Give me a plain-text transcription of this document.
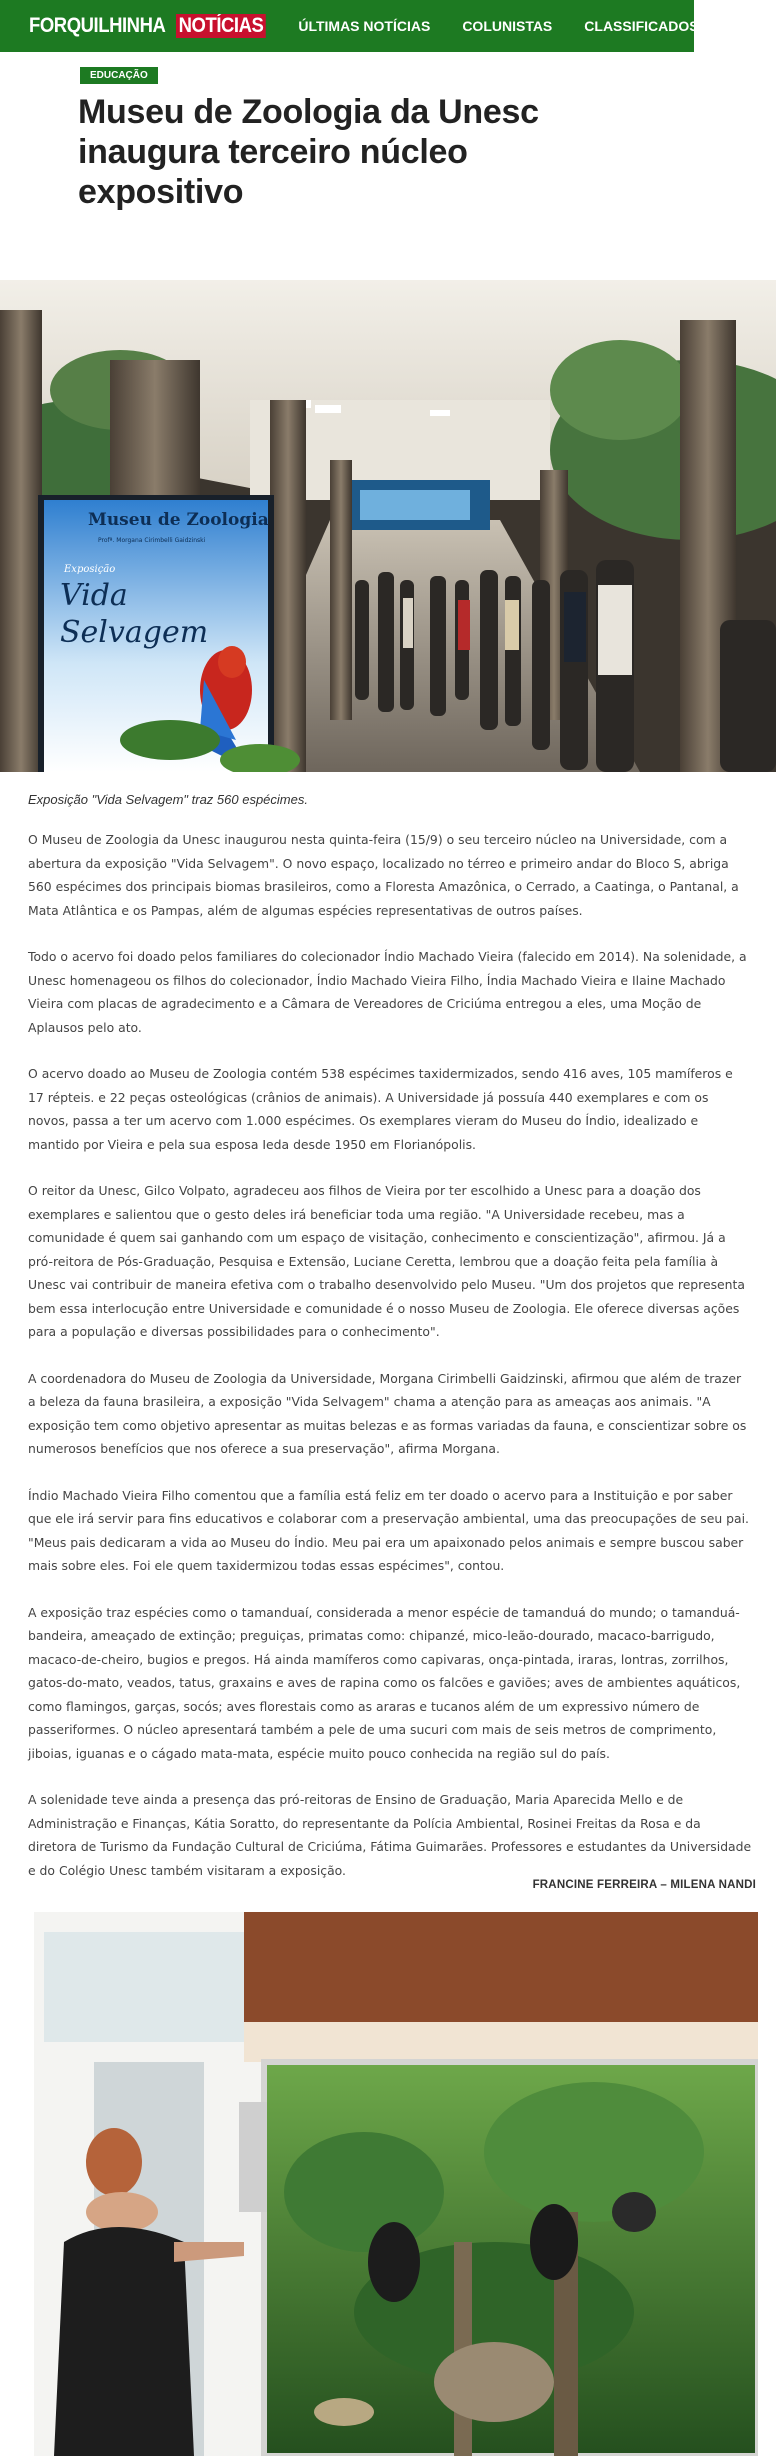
FORQUILHINHA NOTÍCIAS ÚLTIMAS NOTÍCIAS COLUNISTAS CLASSIFICADOS ▼
EDUCAÇÃO
Museu de Zoologia da Unesc inaugura terceiro núcleo expositivo
Museu de Zoologia
Profª. Morgana Cirimbelli Gaidzinski
Exposição
Vida
Selvagem
Exposição "Vida Selvagem" traz 560 espécimes.

O Museu de Zoologia da Unesc inaugurou nesta quinta-feira (15/9) o seu terceiro núcleo na Universidade, com a abertura da exposição "Vida Selvagem". O novo espaço, localizado no térreo e primeiro andar do Bloco S, abriga 560 espécimes dos principais biomas brasileiros, como a Floresta Amazônica, o Cerrado, a Caatinga, o Pantanal, a Mata Atlântica e os Pampas, além de algumas espécies representativas de outros países.

Todo o acervo foi doado pelos familiares do colecionador Índio Machado Vieira (falecido em 2014). Na solenidade, a Unesc homenageou os filhos do colecionador, Índio Machado Vieira Filho, Índia Machado Vieira e Ilaine Machado Vieira com placas de agradecimento e a Câmara de Vereadores de Criciúma entregou a eles, uma Moção de Aplausos pelo ato.

O acervo doado ao Museu de Zoologia contém 538 espécimes taxidermizados, sendo 416 aves, 105 mamíferos e 17 répteis. e 22 peças osteológicas (crânios de animais). A Universidade já possuía 440 exemplares e com os novos, passa a ter um acervo com 1.000 espécimes. Os exemplares vieram do Museu do Índio, idealizado e mantido por Vieira e pela sua esposa Ieda desde 1950 em Florianópolis.

O reitor da Unesc, Gilco Volpato, agradeceu aos filhos de Vieira por ter escolhido a Unesc para a doação dos exemplares e salientou que o gesto deles irá beneficiar toda uma região. "A Universidade recebeu, mas a comunidade é quem sai ganhando com um espaço de visitação, conhecimento e conscientização", afirmou. Já a pró-reitora de Pós-Graduação, Pesquisa e Extensão, Luciane Ceretta, lembrou que a doação feita pela família à Unesc vai contribuir de maneira efetiva com o trabalho desenvolvido pelo Museu. "Um dos projetos que representa bem essa interlocução entre Universidade e comunidade é o nosso Museu de Zoologia. Ele oferece diversas ações para a população e diversas possibilidades para o conhecimento".

A coordenadora do Museu de Zoologia da Universidade, Morgana Cirimbelli Gaidzinski, afirmou que além de trazer a beleza da fauna brasileira, a exposição "Vida Selvagem" chama a atenção para as ameaças aos animais. "A exposição tem como objetivo apresentar as muitas belezas e as formas variadas da fauna, e conscientizar sobre os numerosos benefícios que nos oferece a sua preservação", afirma Morgana.

Índio Machado Vieira Filho comentou que a família está feliz em ter doado o acervo para a Instituição e por saber que ele irá servir para fins educativos e colaborar com a preservação ambiental, uma das preocupações de seu pai. "Meus pais dedicaram a vida ao Museu do Índio. Meu pai era um apaixonado pelos animais e sempre buscou saber mais sobre eles. Foi ele quem taxidermizou todas essas espécimes", contou.

A exposição traz espécies como o tamanduaí, considerada a menor espécie de tamanduá do mundo; o tamanduá-bandeira, ameaçado de extinção; preguiças, primatas como: chipanzé, mico-leão-dourado, macaco-barrigudo, macaco-de-cheiro, bugios e pregos. Há ainda mamíferos como capivaras, onça-pintada, iraras, lontras, zorrilhos, gatos-do-mato, veados, tatus, graxains e aves de rapina como os falcões e gaviões; aves de ambientes aquáticos, como flamingos, garças, socós; aves florestais como as araras e tucanos além de um expressivo número de passeriformes. O núcleo apresentará também a pele de uma sucuri com mais de seis metros de comprimento, jiboias, iguanas e o cágado mata-mata, espécie muito pouco conhecida na região sul do país.

A solenidade teve ainda a presença das pró-reitoras de Ensino de Graduação, Maria Aparecida Mello e de Administração e Finanças, Kátia Soratto, do representante da Polícia Ambiental, Rosinei Freitas da Rosa e da diretora de Turismo da Fundação Cultural de Criciúma, Fátima Guimarães. Professores e estudantes da Universidade e do Colégio Unesc também visitaram a exposição.

FRANCINE FERREIRA – MILENA NANDI
